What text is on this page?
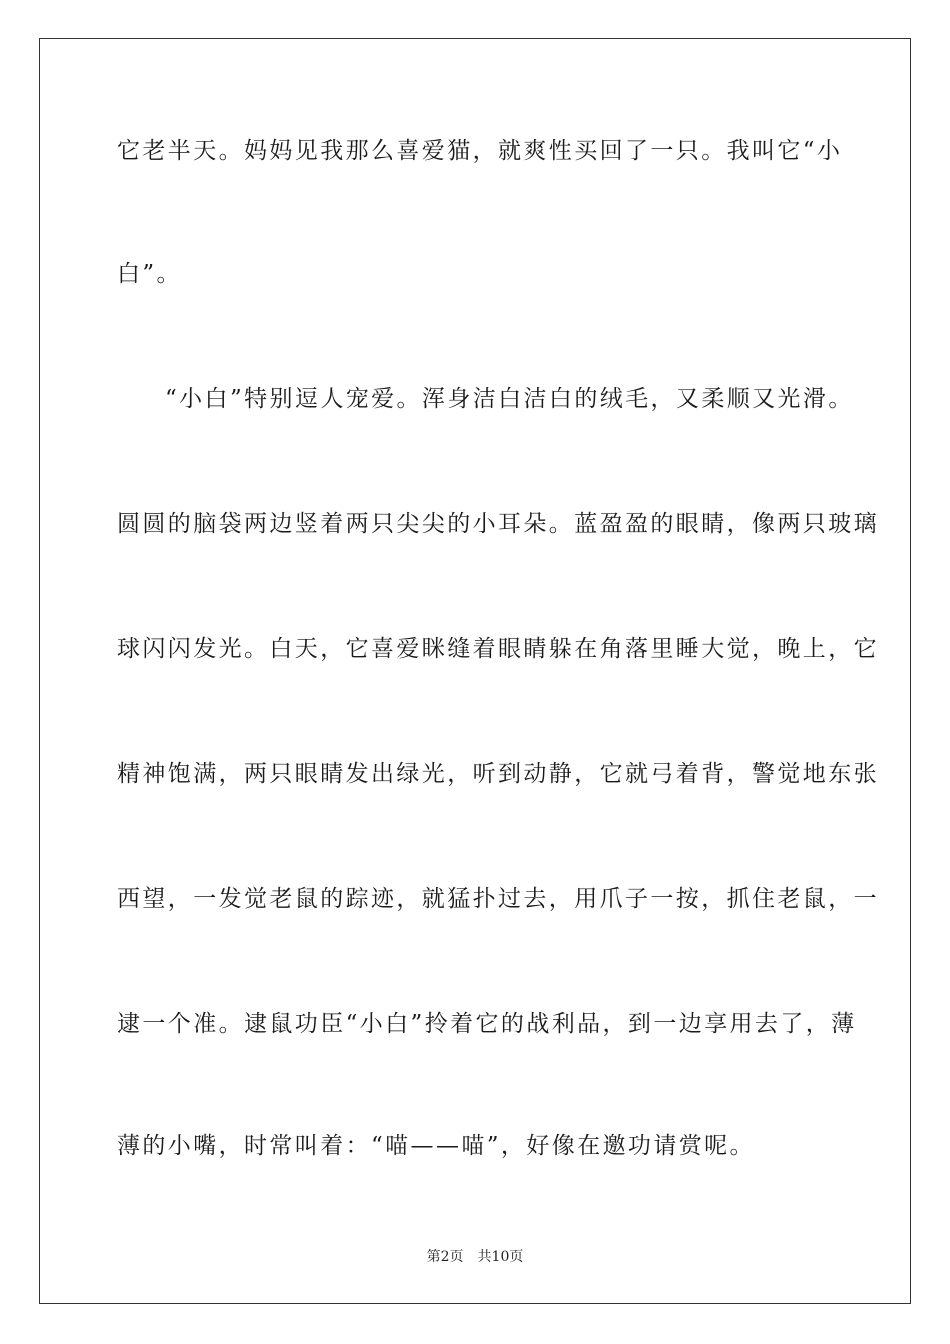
它老半天。妈妈见我那么喜爱猫，就爽性买回了一只。我叫它“小
白”。
“小白”特别逗人宠爱。浑身洁白洁白的绒毛，又柔顺又光滑。
圆圆的脑袋两边竖着两只尖尖的小耳朵。蓝盈盈的眼睛，像两只玻璃
球闪闪发光。白天，它喜爱眯缝着眼睛躲在角落里睡大觉，晚上，它
精神饱满，两只眼睛发出绿光，听到动静，它就弓着背，警觉地东张
西望，一发觉老鼠的踪迹，就猛扑过去，用爪子一按，抓住老鼠，一
逮一个准。逮鼠功臣“小白”拎着它的战利品，到一边享用去了，薄
薄的小嘴，时常叫着：“喵——喵”，好像在邀功请赏呢。
第2页 共10页
